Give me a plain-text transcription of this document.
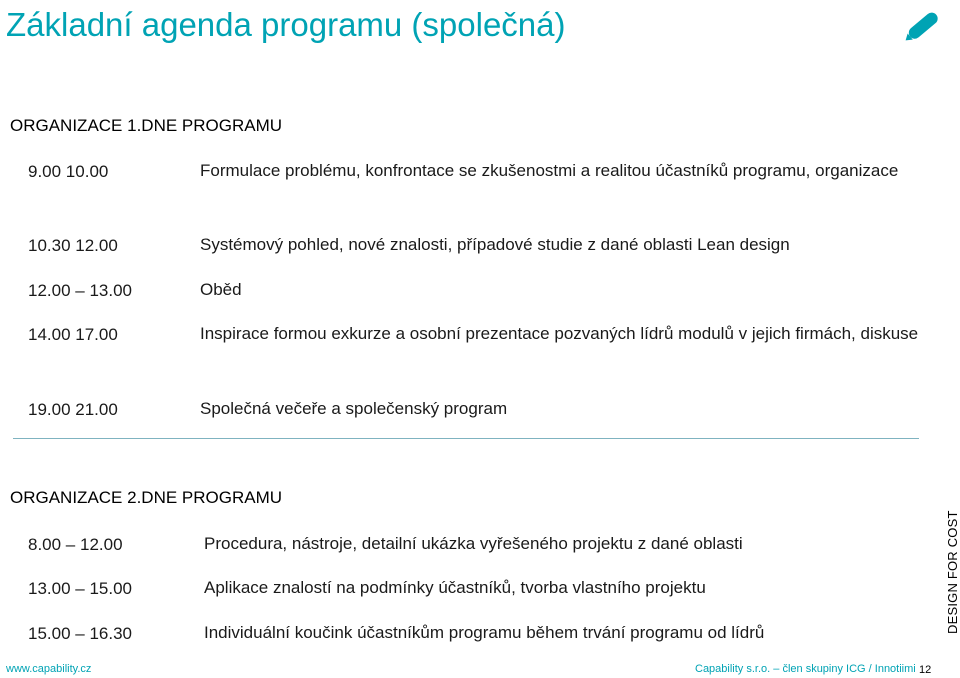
Základní agenda programu (společná)
ORGANIZACE 1.DNE PROGRAMU
9.00 10.00	Formulace problému, konfrontace se zkušenostmi a realitou účastníků programu, organizace
10.30 12.00	Systémový pohled, nové znalosti, případové studie z dané oblasti Lean design
12.00 – 13.00	Oběd
14.00 17.00	Inspirace formou exkurze a osobní prezentace pozvaných lídrů modulů v jejich firmách, diskuse
19.00 21.00	Společná večeře a společenský program
ORGANIZACE 2.DNE PROGRAMU
8.00 – 12.00	Procedura, nástroje, detailní ukázka vyřešeného projektu z dané oblasti
13.00 – 15.00	Aplikace znalostí na podmínky účastníků, tvorba vlastního projektu
15.00 – 16.30	Individuální koučink účastníkům programu během trvání programu od lídrů	DESIGN FOR COST
www.capability.cz	Capability s.r.o. – člen skupiny ICG / Innotiimi 12
